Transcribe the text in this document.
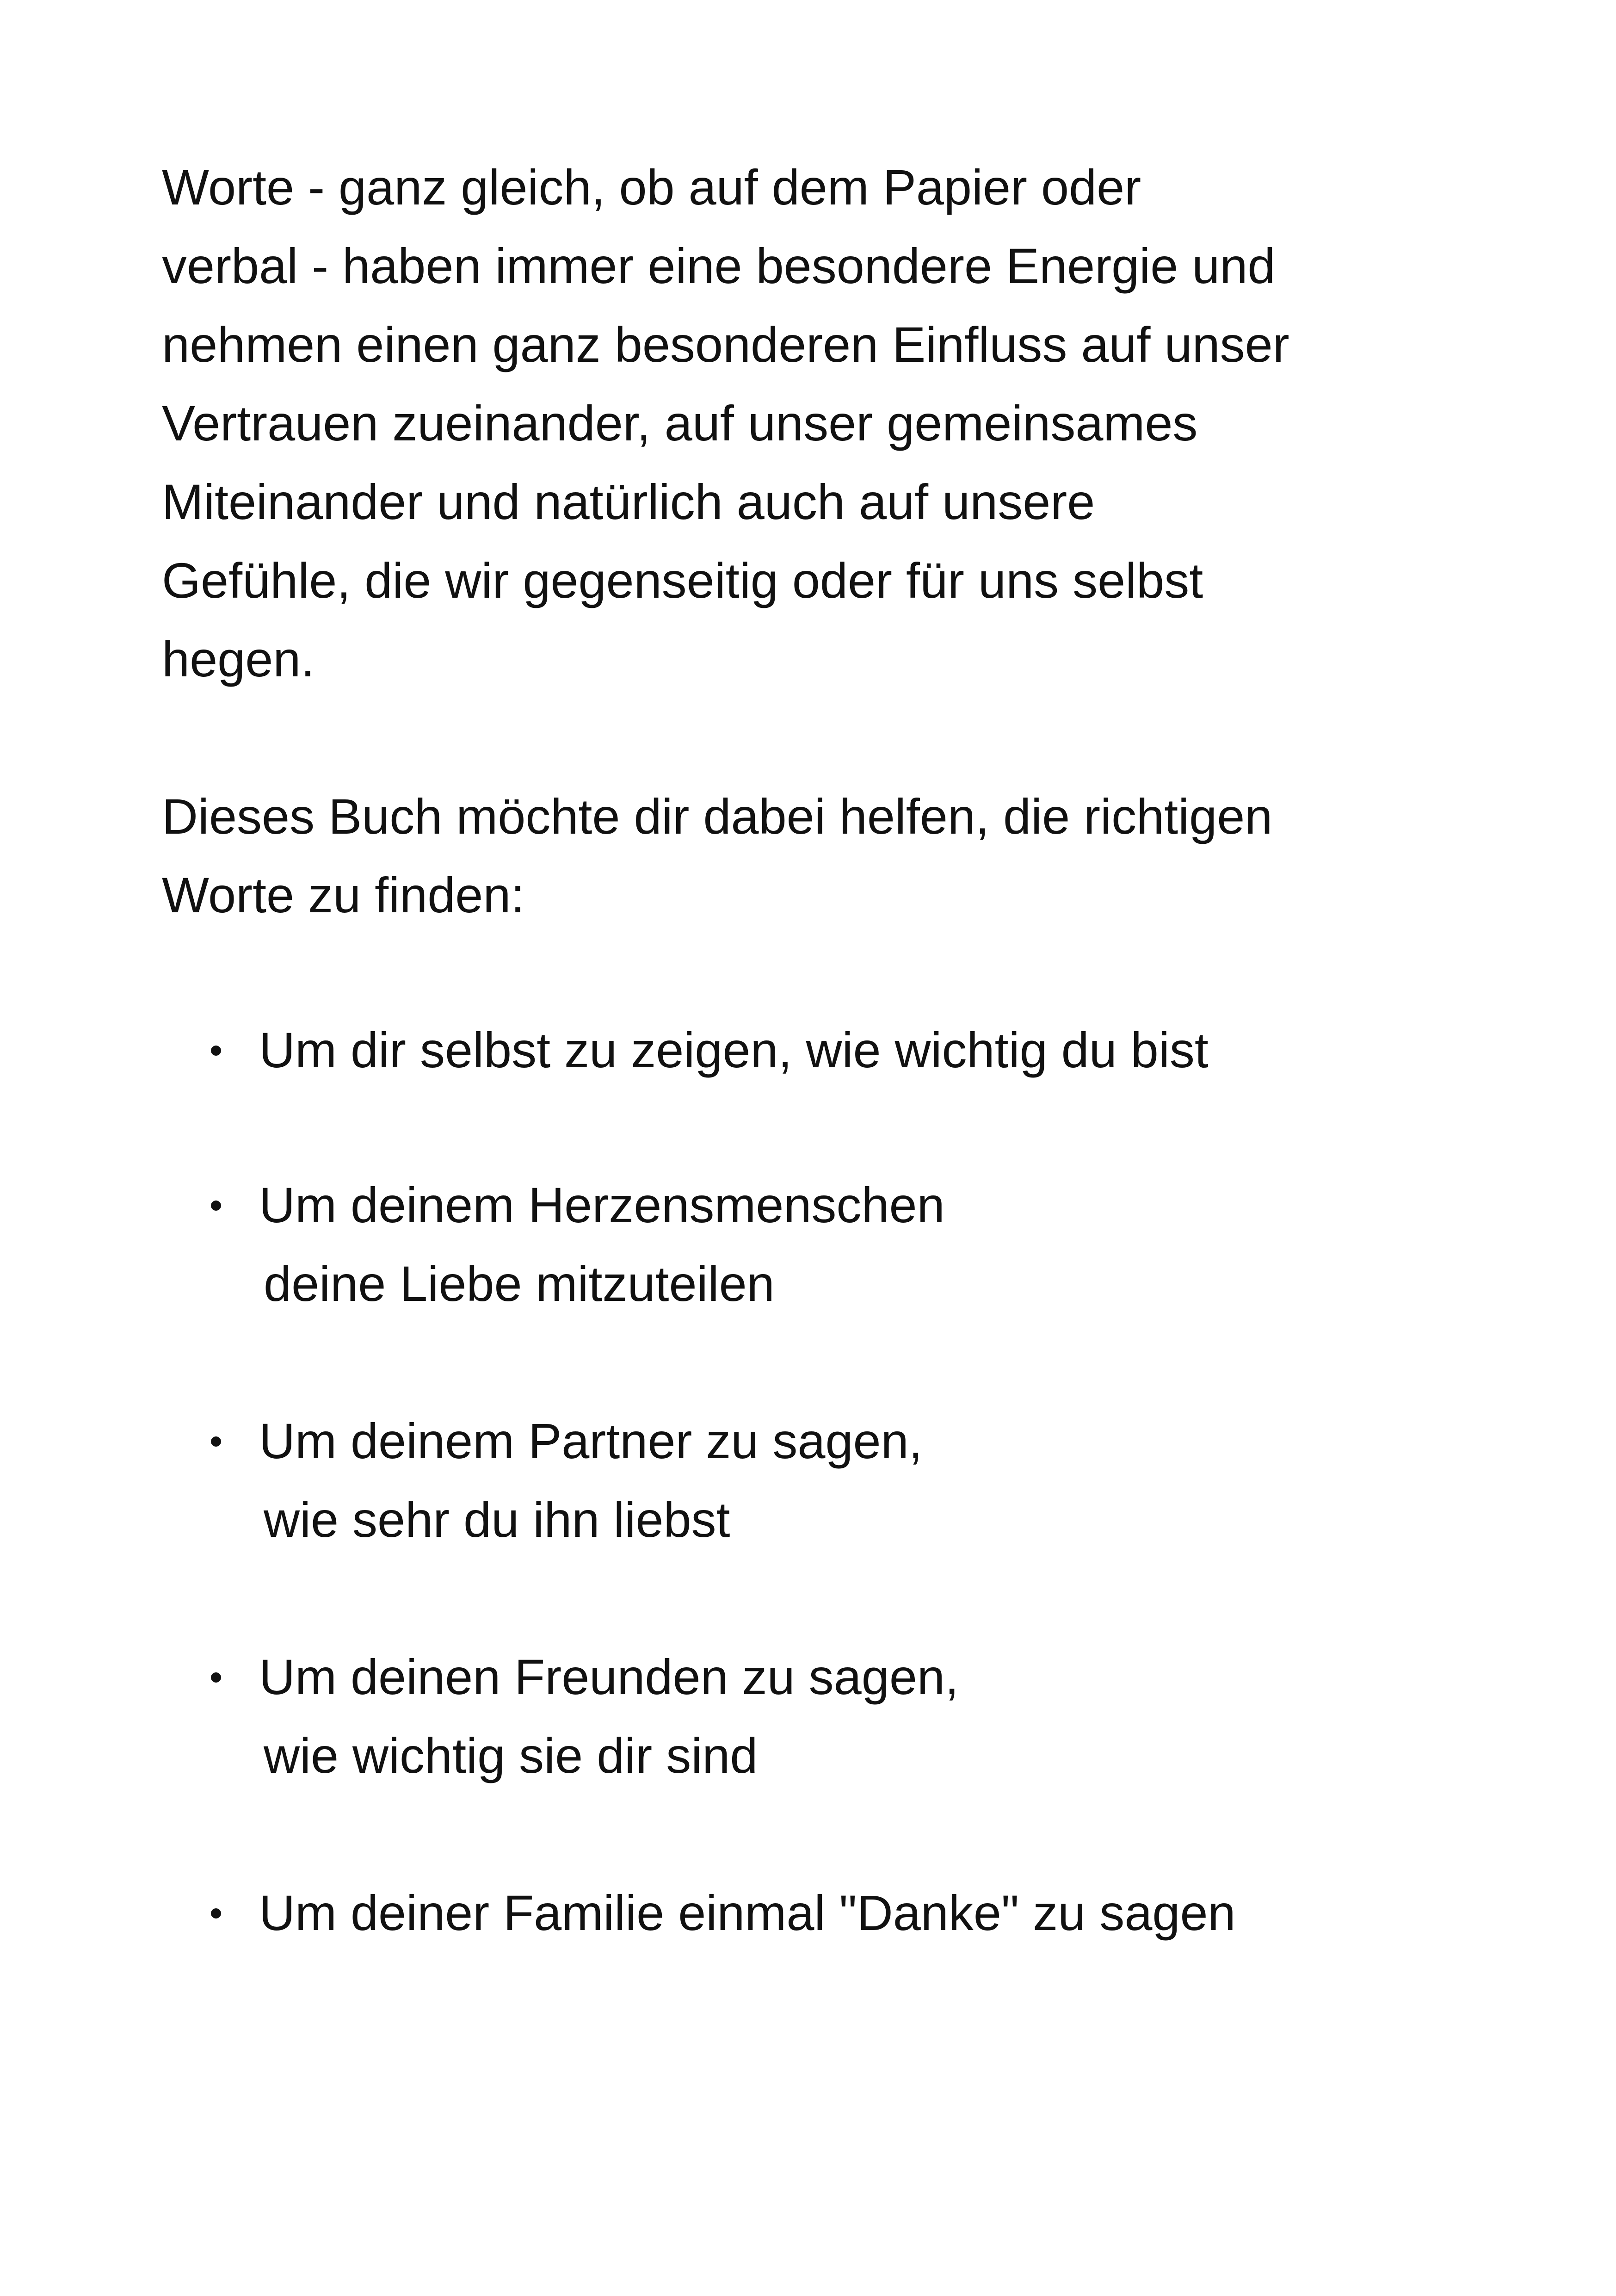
Worte - ganz gleich, ob auf dem Papier oder
verbal - haben immer eine besondere Energie und
nehmen einen ganz besonderen Einfluss auf unser
Vertrauen zueinander, auf unser gemeinsames
Miteinander und natürlich auch auf unsere
Gefühle, die wir gegenseitig oder für uns selbst
hegen.
Dieses Buch möchte dir dabei helfen, die richtigen
Worte zu finden:
Um dir selbst zu zeigen, wie wichtig du bist
Um deinem Herzensmenschen
deine Liebe mitzuteilen
Um deinem Partner zu sagen,
wie sehr du ihn liebst
Um deinen Freunden zu sagen,
wie wichtig sie dir sind
Um deiner Familie einmal "Danke" zu sagen
